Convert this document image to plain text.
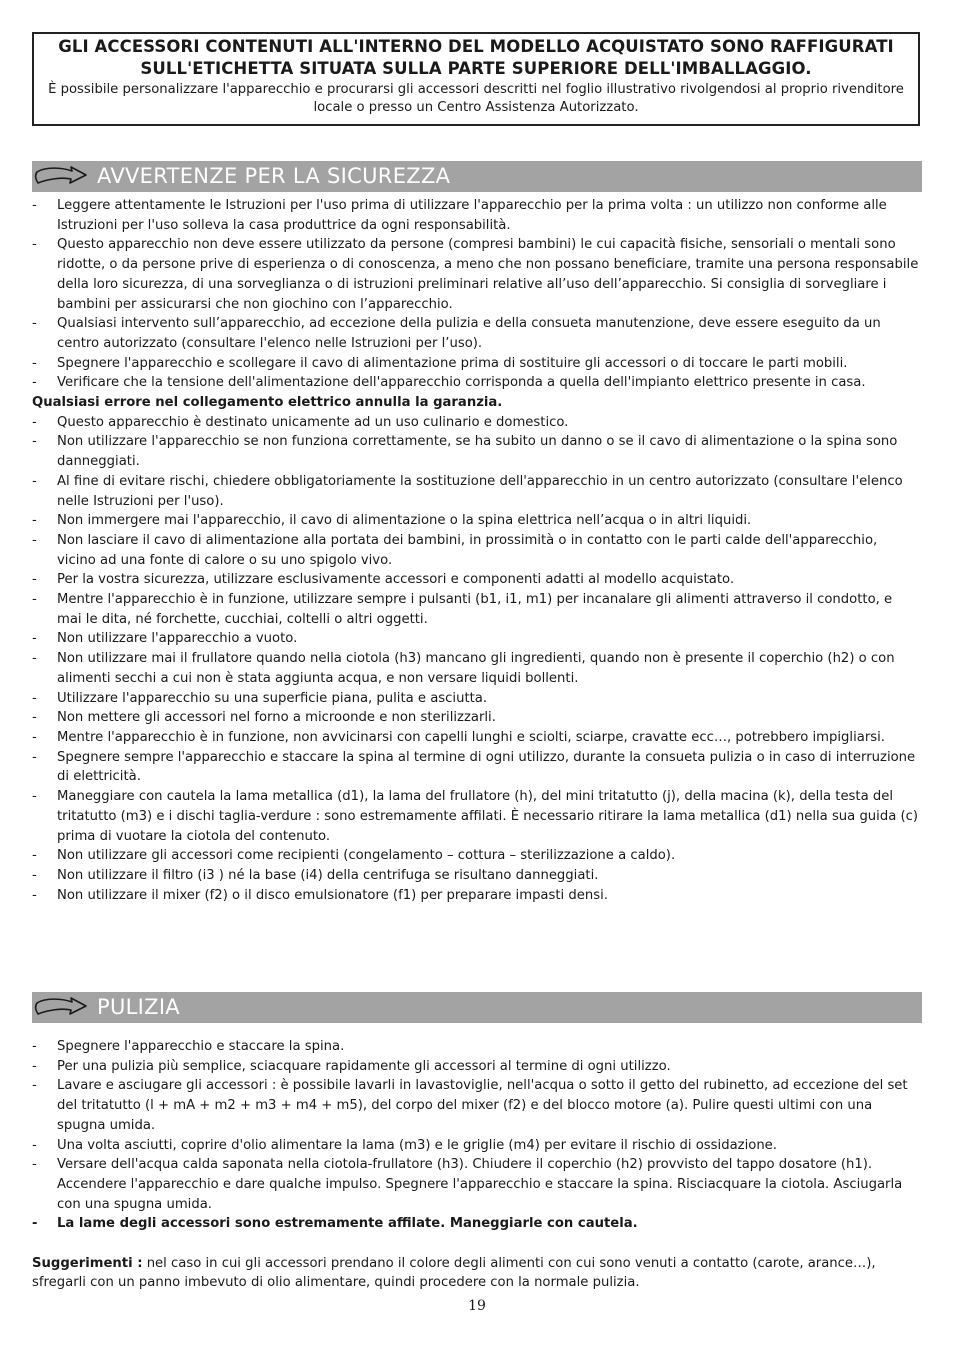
GLI ACCESSORI CONTENUTI ALL'INTERNO DEL MODELLO ACQUISTATO SONO RAFFIGURATI SULL'ETICHETTA SITUATA SULLA PARTE SUPERIORE DELL'IMBALLAGGIO.
È possibile personalizzare l'apparecchio e procurarsi gli accessori descritti nel foglio illustrativo rivolgendosi al proprio rivenditore locale o presso un Centro Assistenza Autorizzato.
AVVERTENZE PER LA SICUREZZA
- Leggere attentamente le Istruzioni per l'uso prima di utilizzare l'apparecchio per la prima volta : un utilizzo non conforme alle Istruzioni per l'uso solleva la casa produttrice da ogni responsabilità.
- Questo apparecchio non deve essere utilizzato da persone (compresi bambini) le cui capacità fisiche, sensoriali o mentali sono ridotte, o da persone prive di esperienza o di conoscenza, a meno che non possano beneficiare, tramite una persona responsabile della loro sicurezza, di una sorveglianza o di istruzioni preliminari relative all’uso dell’apparecchio. Si consiglia di sorvegliare i bambini per assicurarsi che non giochino con l’apparecchio.
- Qualsiasi intervento sull’apparecchio, ad eccezione della pulizia e della consueta manutenzione, deve essere eseguito da un centro autorizzato (consultare l'elenco nelle Istruzioni per l’uso).
- Spegnere l'apparecchio e scollegare il cavo di alimentazione prima di sostituire gli accessori o di toccare le parti mobili.
- Verificare che la tensione dell'alimentazione dell'apparecchio corrisponda a quella dell'impianto elettrico presente in casa.
Qualsiasi errore nel collegamento elettrico annulla la garanzia.
- Questo apparecchio è destinato unicamente ad un uso culinario e domestico.
- Non utilizzare l'apparecchio se non funziona correttamente, se ha subito un danno o se il cavo di alimentazione o la spina sono danneggiati.
- Al fine di evitare rischi, chiedere obbligatoriamente la sostituzione dell'apparecchio in un centro autorizzato (consultare l'elenco nelle Istruzioni per l'uso).
- Non immergere mai l'apparecchio, il cavo di alimentazione o la spina elettrica nell’acqua o in altri liquidi.
- Non lasciare il cavo di alimentazione alla portata dei bambini, in prossimità o in contatto con le parti calde dell'apparecchio, vicino ad una fonte di calore o su uno spigolo vivo.
- Per la vostra sicurezza, utilizzare esclusivamente accessori e componenti adatti al modello acquistato.
- Mentre l'apparecchio è in funzione, utilizzare sempre i pulsanti (b1, i1, m1) per incanalare gli alimenti attraverso il condotto, e mai le dita, né forchette, cucchiai, coltelli o altri oggetti.
- Non utilizzare l'apparecchio a vuoto.
- Non utilizzare mai il frullatore quando nella ciotola (h3) mancano gli ingredienti, quando non è presente il coperchio (h2) o con alimenti secchi a cui non è stata aggiunta acqua, e non versare liquidi bollenti.
- Utilizzare l'apparecchio su una superficie piana, pulita e asciutta.
- Non mettere gli accessori nel forno a microonde e non sterilizzarli.
- Mentre l'apparecchio è in funzione, non avvicinarsi con capelli lunghi e sciolti, sciarpe, cravatte ecc…, potrebbero impigliarsi.
- Spegnere sempre l'apparecchio e staccare la spina al termine di ogni utilizzo, durante la consueta pulizia o in caso di interruzione di elettricità.
- Maneggiare con cautela la lama metallica (d1), la lama del frullatore (h), del mini tritatutto (j), della macina (k), della testa del tritatutto (m3) e i dischi taglia-verdure : sono estremamente affilati. È necessario ritirare la lama metallica (d1) nella sua guida (c) prima di vuotare la ciotola del contenuto.
- Non utilizzare gli accessori come recipienti (congelamento – cottura – sterilizzazione a caldo).
- Non utilizzare il filtro (i3 ) né la base (i4) della centrifuga se risultano danneggiati.
- Non utilizzare il mixer (f2) o il disco emulsionatore (f1) per preparare impasti densi.
PULIZIA
- Spegnere l'apparecchio e staccare la spina.
- Per una pulizia più semplice, sciacquare rapidamente gli accessori al termine di ogni utilizzo.
- Lavare e asciugare gli accessori : è possibile lavarli in lavastoviglie, nell'acqua o sotto il getto del rubinetto, ad eccezione del set del tritatutto (l + mA + m2 + m3 + m4 + m5), del corpo del mixer (f2) e del blocco motore (a). Pulire questi ultimi con una spugna umida.
- Una volta asciutti, coprire d'olio alimentare la lama (m3) e le griglie (m4) per evitare il rischio di ossidazione.
- Versare dell'acqua calda saponata nella ciotola-frullatore (h3). Chiudere il coperchio (h2) provvisto del tappo dosatore (h1). Accendere l'apparecchio e dare qualche impulso. Spegnere l'apparecchio e staccare la spina. Risciacquare la ciotola. Asciugarla con una spugna umida.
- La lame degli accessori sono estremamente affilate. Maneggiarle con cautela.
Suggerimenti : nel caso in cui gli accessori prendano il colore degli alimenti con cui sono venuti a contatto (carote, arance…), sfregarli con un panno imbevuto di olio alimentare, quindi procedere con la normale pulizia.
19
